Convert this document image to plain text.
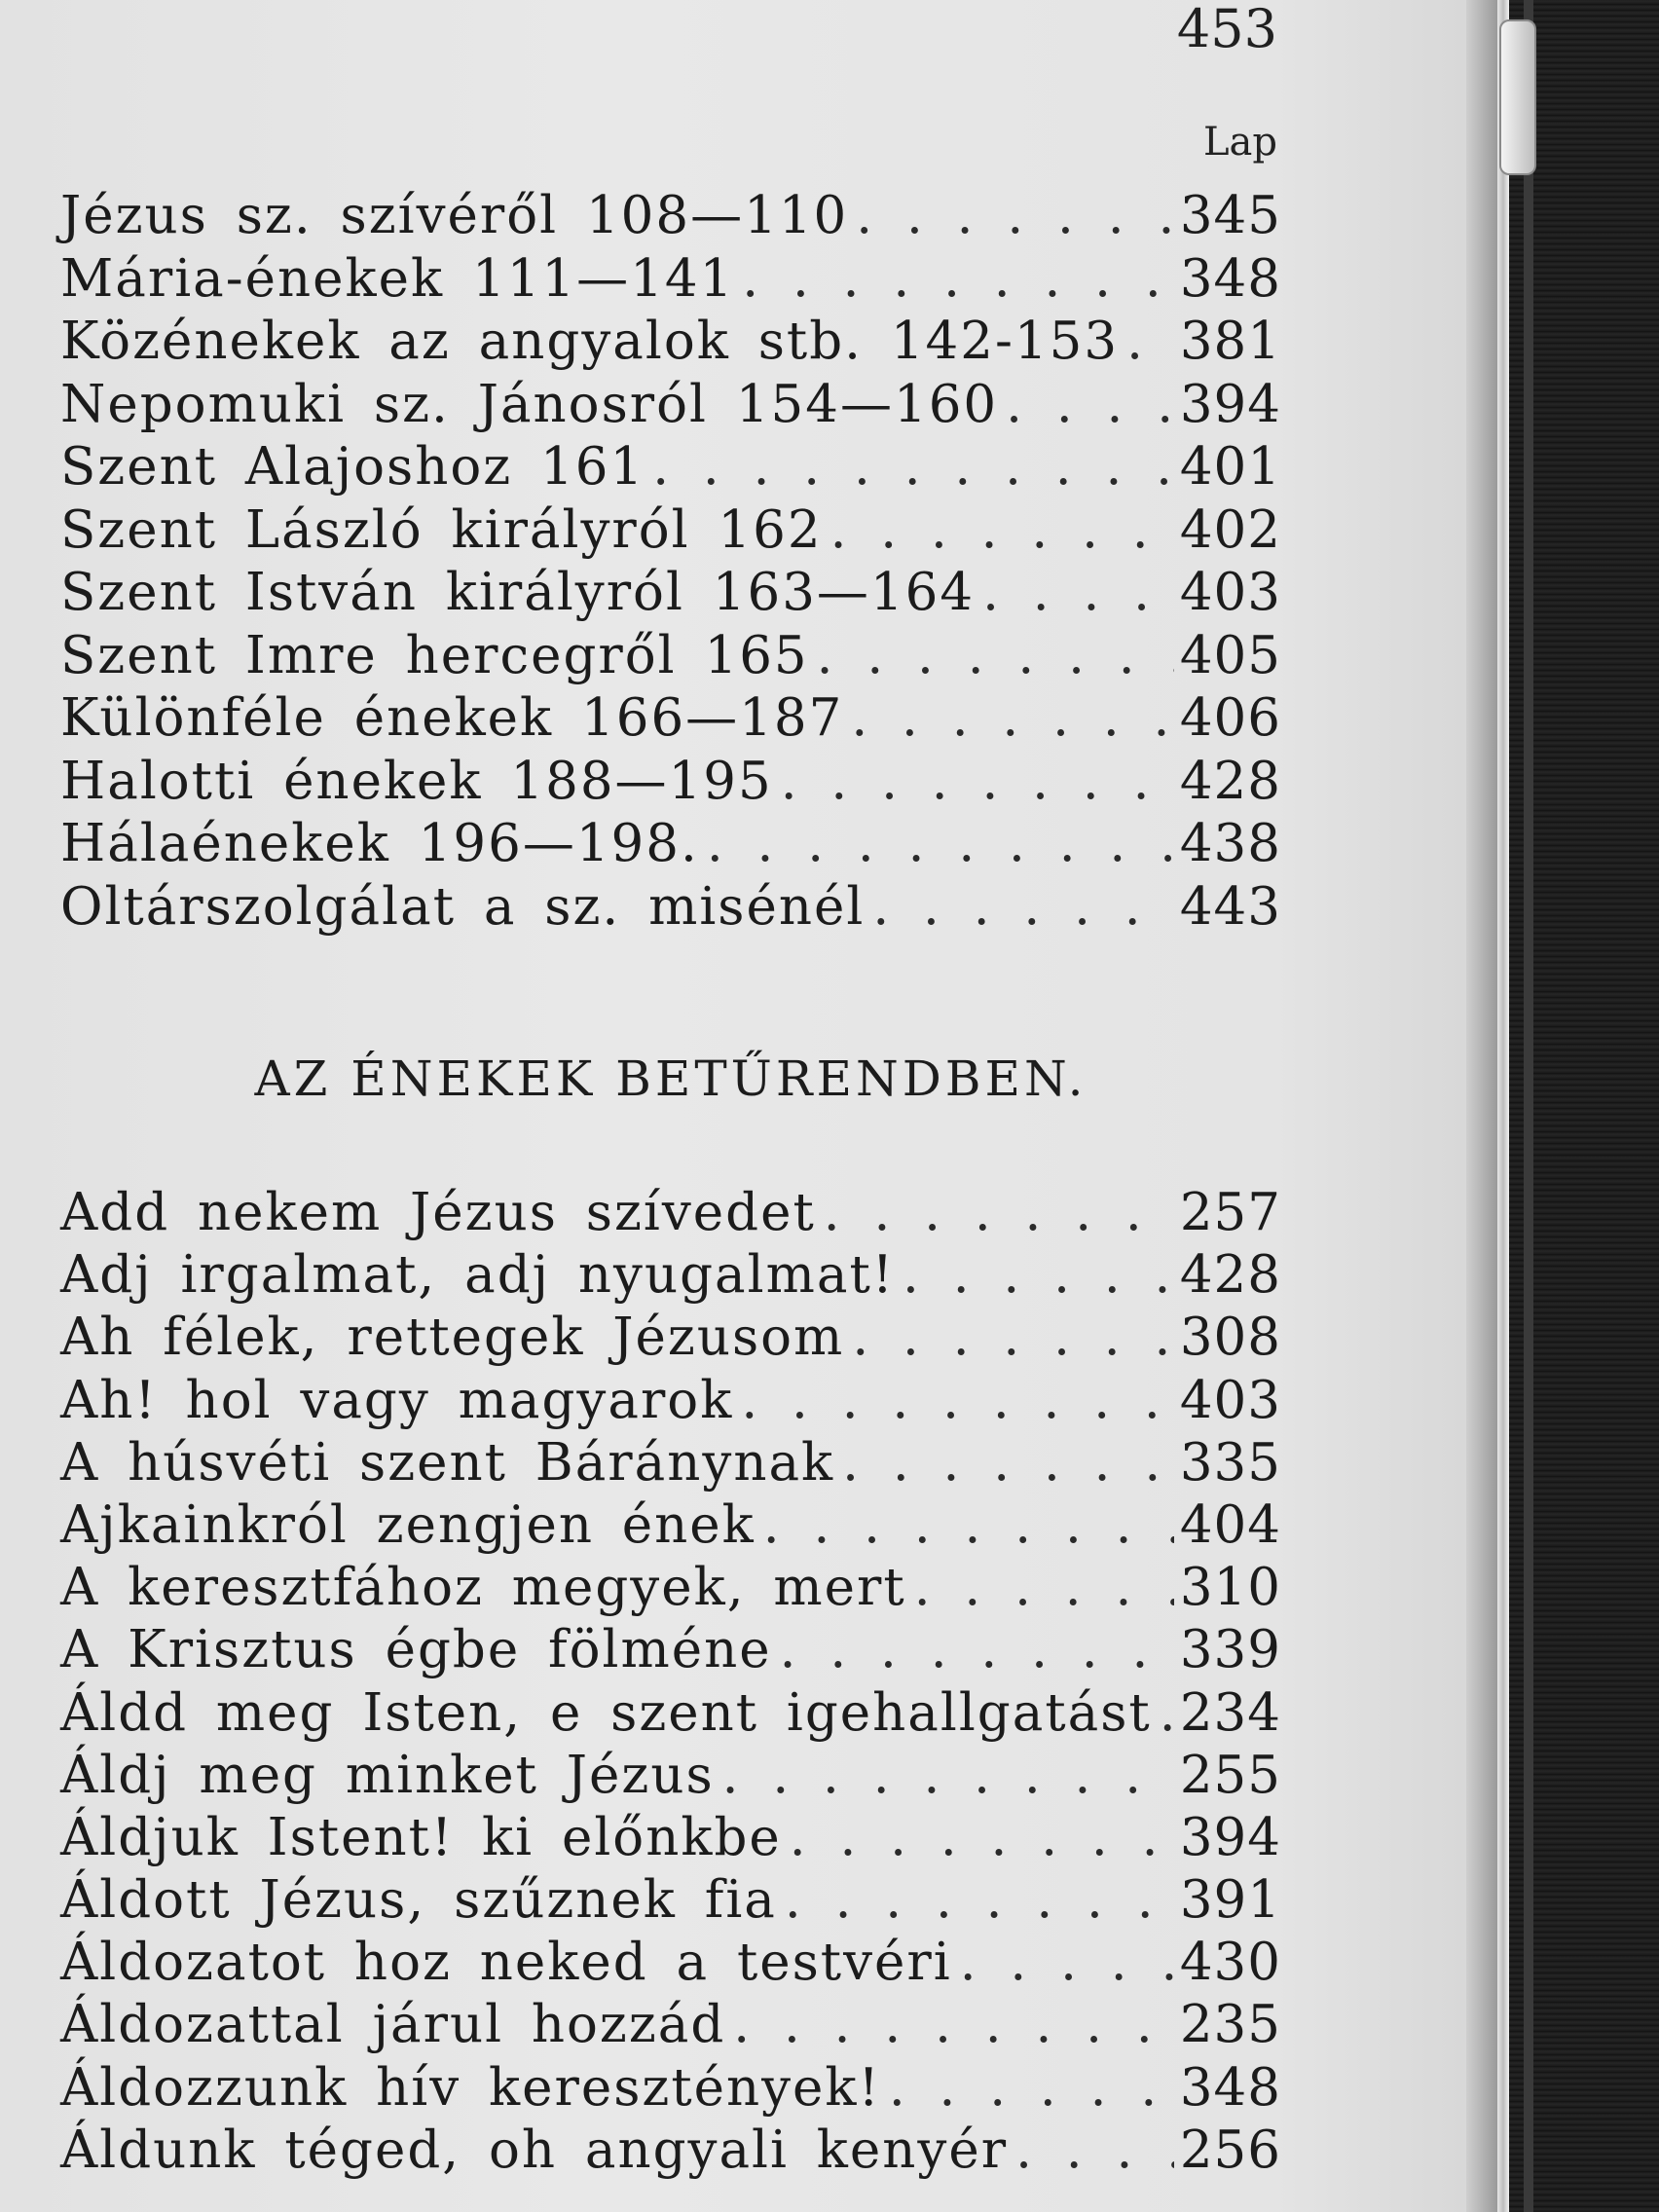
453
Lap
Jézus sz. szívéről 108—110 . . .	345
Mária-énekek 111—141 . . .	348
Közénekek az angyalok stb. 142-153 . . . 381
Nepomuki sz. Jánosról 154—160 . . .	394
Szent Alajoshoz 161 . . .	401
Szent László királyról 162 . . .	402
Szent István királyról 163—164 . . .	403
Szent Imre hercegről 165 . . .	405
Különféle énekek 166—187 . . .	406
Halotti énekek 188—195 . . .	428
Hálaénekek 196—198. . . .	438
Oltárszolgálat a sz. misénél . . .	443
AZ ÉNEKEK BETŰRENDBEN.
Add nekem Jézus szívedet . . .	257
Adj irgalmat, adj nyugalmat! . . .	428
Ah félek, rettegek Jézusom . . .	308
Ah! hol vagy magyarok . . .	403
A húsvéti szent Báránynak . . .	335
Ajkainkról zengjen ének . . .	404
A keresztfához megyek, mert . . .	310
A Krisztus égbe fölméne . . .	339
Áldd meg Isten, e szent igehallgatást . . . 234
Áldj meg minket Jézus . . .	255
Áldjuk Istent! ki előnkbe . . .	394
Áldott Jézus, szűznek fia . . .	391
Áldozatot hoz neked a testvéri . . .	430
Áldozattal járul hozzád . . .	235
Áldozzunk hív keresztények! . . .	348
Áldunk téged, oh angyali kenyér . . .	256
